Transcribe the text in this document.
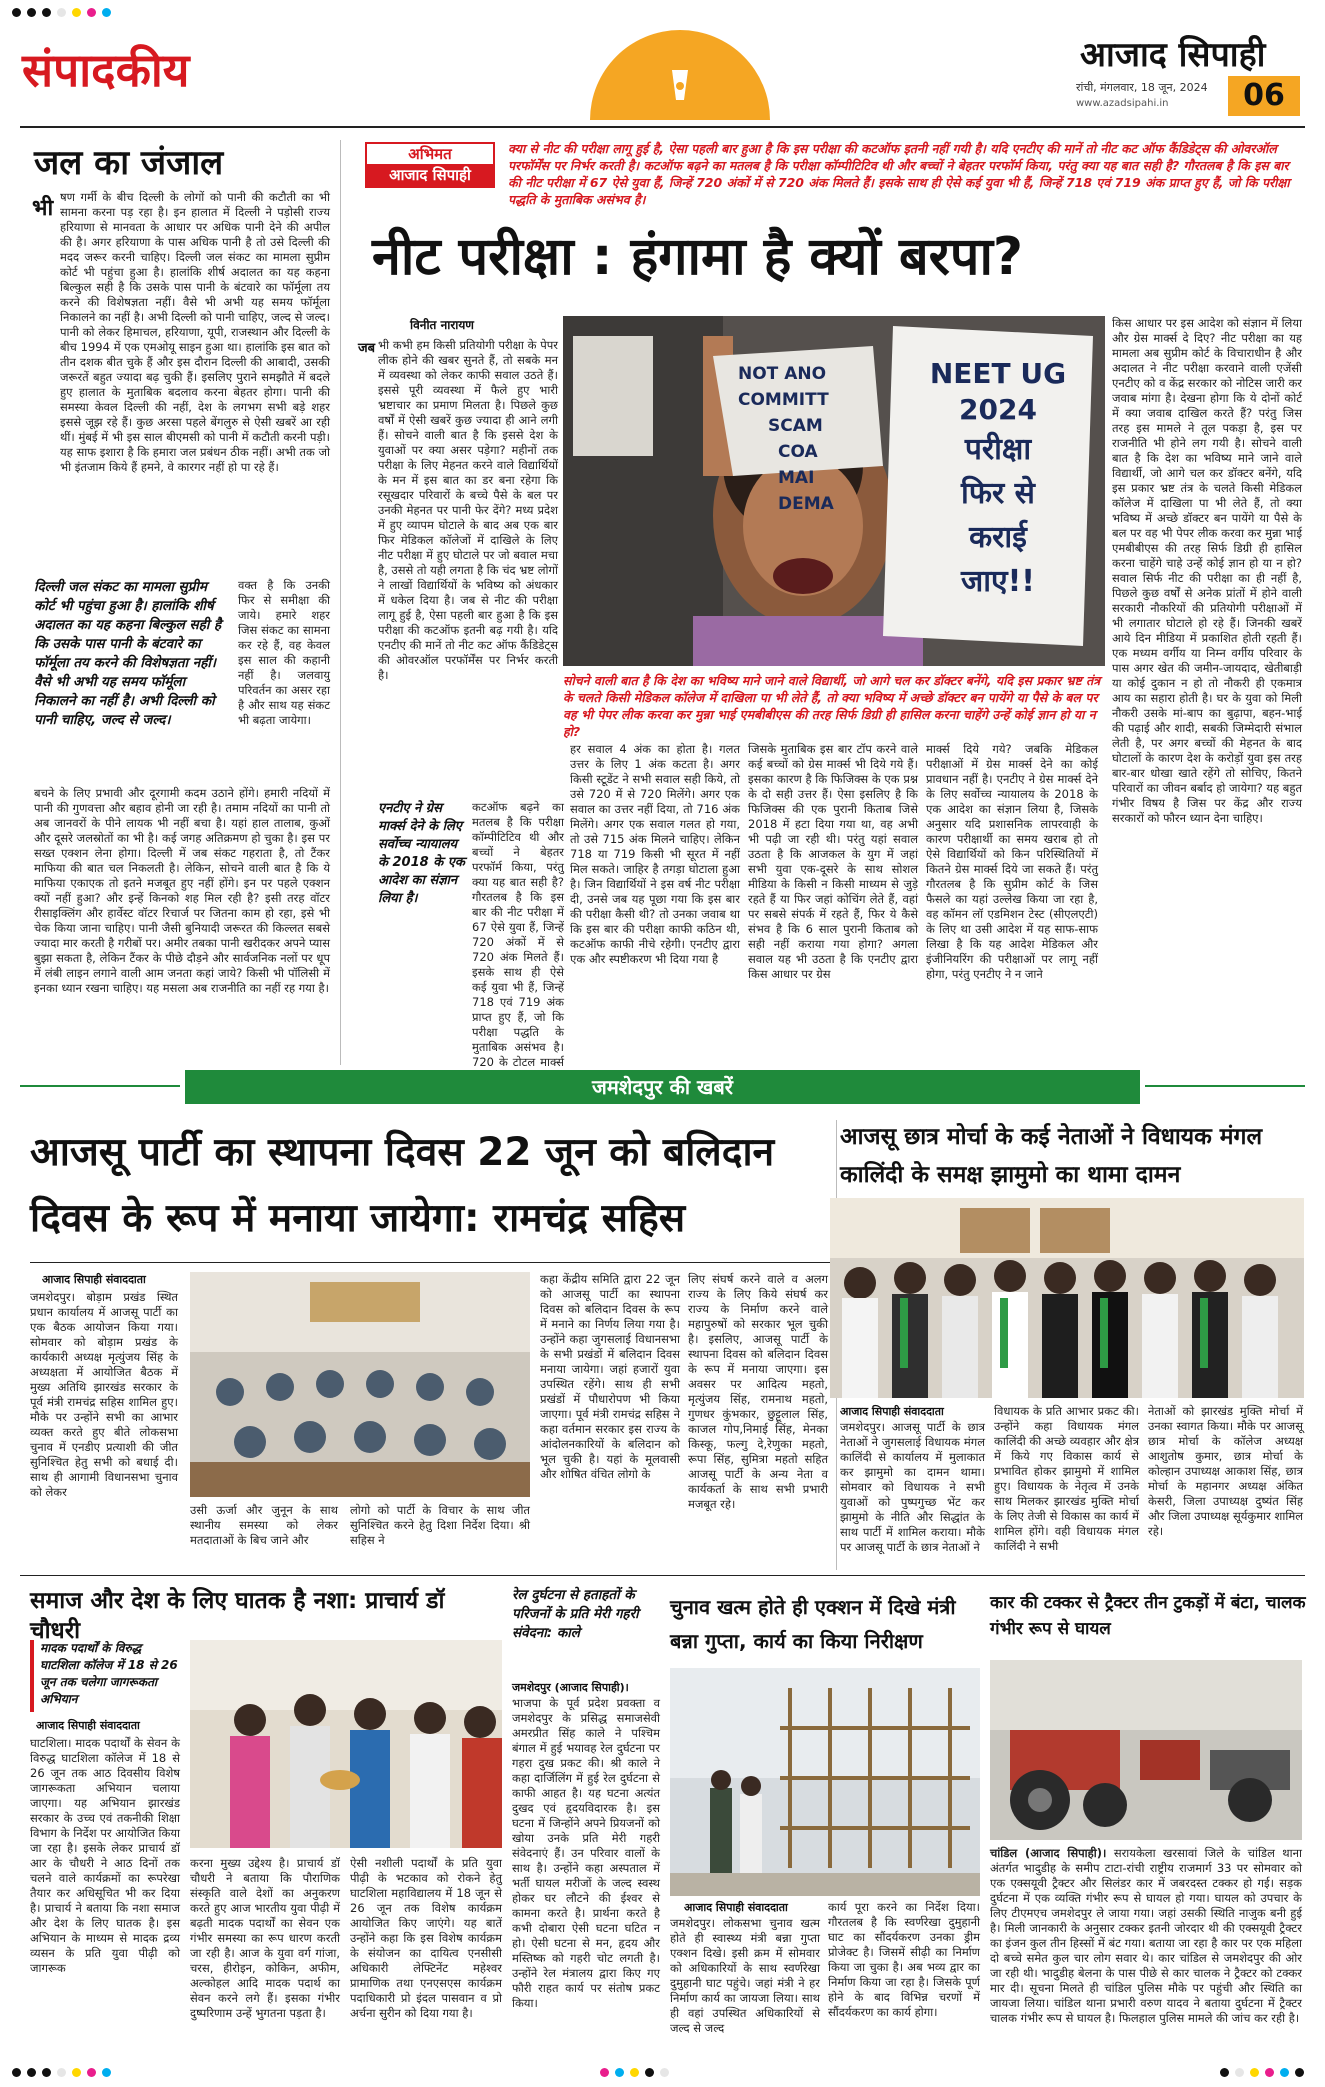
संपादकीय	आजाद सिपाही
रांची, मंगलवार, 18 जून, 2024
www.azadsipahi.in	06
जल का जंजाल
भी षण गर्मी के बीच दिल्ली के लोगों को पानी की कटौती का भी सामना करना पड़ रहा है। इन हालात में दिल्ली ने पड़ोसी राज्य हरियाणा से मानवता के आधार पर अधिक पानी देने की अपील की है। अगर हरियाणा के पास अधिक पानी है तो उसे दिल्ली की मदद जरूर करनी चाहिए। दिल्ली जल संकट का मामला सुप्रीम कोर्ट भी पहुंचा हुआ है। हालांकि शीर्ष अदालत का यह कहना बिल्कुल सही है कि उसके पास पानी के बंटवारे का फॉर्मूला तय करने की विशेषज्ञता नहीं। वैसे भी अभी यह समय फॉर्मूला निकालने का नहीं है। अभी दिल्ली को पानी चाहिए, जल्द से जल्द। पानी को लेकर हिमाचल, हरियाणा, यूपी, राजस्थान और दिल्ली के बीच 1994 में एक एमओयू साइन हुआ था। हालांकि इस बात को तीन दशक बीत चुके हैं और इस दौरान दिल्ली की आबादी, उसकी जरूरतें बहुत ज्यादा बढ़ चुकी हैं। इसलिए पुराने समझौते में बदले हुए हालात के मुताबिक बदलाव करना बेहतर होगा। पानी की समस्या केवल दिल्ली की नहीं, देश के लगभग सभी बड़े शहर इससे जूझ रहे हैं। कुछ अरसा पहले बेंगलुरु से ऐसी खबरें आ रही थीं। मुंबई में भी इस साल बीएमसी को पानी में कटौती करनी पड़ी। यह साफ इशारा है कि हमारा जल प्रबंधन ठीक नहीं। अभी तक जो भी इंतजाम किये हैं हमने, वे कारगर नहीं हो पा रहे हैं।
दिल्ली जल संकट का मामला सुप्रीम कोर्ट भी पहुंचा हुआ है। हालांकि शीर्ष अदालत का यह कहना बिल्कुल सही है कि उसके पास पानी के बंटवारे का फॉर्मूला तय करने की विशेषज्ञता नहीं। वैसे भी अभी यह समय फॉर्मूला निकालने का नहीं है। अभी दिल्ली को पानी चाहिए, जल्द से जल्द।
वक्त है कि उनकी फिर से समीक्षा की जाये। हमारे शहर जिस संकट का सामना कर रहे हैं, वह केवल इस साल की कहानी नहीं है। जलवायु परिवर्तन का असर रहा है और साथ यह संकट भी बढ़ता जायेगा।
बचने के लिए प्रभावी और दूरगामी कदम उठाने होंगे। हमारी नदियों में पानी की गुणवत्ता और बहाव होनी जा रही है। तमाम नदियों का पानी तो अब जानवरों के पीने लायक भी नहीं बचा है। यहां हाल तालाब, कुओं और दूसरे जलस्रोतों का भी है। कई जगह अतिक्रमण हो चुका है। इस पर सख्त एक्शन लेना होगा। दिल्ली में जब संकट गहराता है, तो टैंकर माफिया की बात चल निकलती है। लेकिन, सोचने वाली बात है कि ये माफिया एकाएक तो इतने मजबूत हुए नहीं होंगे। इन पर पहले एक्शन क्यों नहीं हुआ? और इन्हें किनको शह मिल रही है? इसी तरह वॉटर रीसाइक्लिंग और हार्वेस्ट वॉटर रिचार्ज पर जितना काम हो रहा, इसे भी चेक किया जाना चाहिए। पानी जैसी बुनियादी जरूरत की किल्लत सबसे ज्यादा मार करती है गरीबों पर। अमीर तबका पानी खरीदकर अपने प्यास बुझा सकता है, लेकिन टैंकर के पीछे दौड़ने और सार्वजनिक नलों पर धूप में लंबी लाइन लगाने वाली आम जनता कहां जाये? किसी भी पॉलिसी में इनका ध्यान रखना चाहिए। यह मसला अब राजनीति का नहीं रह गया है।
अभिमत
आजाद सिपाही
क्या से नीट की परीक्षा लागू हुई है, ऐसा पहली बार हुआ है कि इस परीक्षा की कटऑफ इतनी नहीं गयी है। यदि एनटीए की मानें तो नीट कट ऑफ कैंडिडेट्स की ओवरऑल परफॉर्मेंस पर निर्भर करती है। कटऑफ बढ़ने का मतलब है कि परीक्षा कॉम्पीटिटिव थी और बच्चों ने बेहतर परफॉर्म किया, परंतु क्या यह बात सही है? गौरतलब है कि इस बार की नीट परीक्षा में 67 ऐसे युवा हैं, जिन्हें 720 अंकों में से 720 अंक मिलते हैं। इसके साथ ही ऐसे कई युवा भी हैं, जिन्हें 718 एवं 719 अंक प्राप्त हुए हैं, जो कि परीक्षा पद्धति के मुताबिक असंभव है।
नीट परीक्षा : हंगामा है क्यों बरपा?
विनीत नारायण
जब भी कभी हम किसी प्रतियोगी परीक्षा के पेपर लीक होने की खबर सुनते हैं, तो सबके मन में व्यवस्था को लेकर काफी सवाल उठते हैं। इससे पूरी व्यवस्था में फैले हुए भारी भ्रष्टाचार का प्रमाण मिलता है। पिछले कुछ वर्षों में ऐसी खबरें कुछ ज्यादा ही आने लगी हैं। सोचने वाली बात है कि इससे देश के युवाओं पर क्या असर पड़ेगा? महीनों तक परीक्षा के लिए मेहनत करने वाले विद्यार्थियों के मन में इस बात का डर बना रहेगा कि रसूखदार परिवारों के बच्चे पैसे के बल पर उनकी मेहनत पर पानी फेर देंगे? मध्य प्रदेश में हुए व्यापम घोटाले के बाद अब एक बार फिर मेडिकल कॉलेजों में दाखिले के लिए नीट परीक्षा में हुए घोटाले पर जो बवाल मचा है, उससे तो यही लगता है कि चंद भ्रष्ट लोगों ने लाखों विद्यार्थियों के भविष्य को अंधकार में धकेल दिया है। जब से नीट की परीक्षा लागू हुई है, ऐसा पहली बार हुआ है कि इस परीक्षा की कटऑफ इतनी बढ़ गयी है। यदि एनटीए की मानें तो नीट कट ऑफ कैंडिडेट्स की ओवरऑल परफॉर्मेंस पर निर्भर करती है।
NOT ANO
COMMITT
SCAM
COA
MAI
DEMA
NEET UG
2024
परीक्षा
फिर से
कराई
जाए!!
सोचने वाली बात है कि देश का भविष्य माने जाने वाले विद्यार्थी, जो आगे चल कर डॉक्टर बनेंगे, यदि इस प्रकार भ्रष्ट तंत्र के चलते किसी मेडिकल कॉलेज में दाखिला पा भी लेते हैं, तो क्या भविष्य में अच्छे डॉक्टर बन पायेंगे या पैसे के बल पर वह भी पेपर लीक करवा कर मुन्ना भाई एमबीबीएस की तरह सिर्फ डिग्री ही हासिल करना चाहेंगे उन्हें कोई ज्ञान हो या न हो?
एनटीए ने ग्रेस मार्क्स देने के लिए सर्वोच्च न्यायालय के 2018 के एक आदेश का संज्ञान लिया है।
कटऑफ बढ़ने का मतलब है कि परीक्षा कॉम्पीटिटिव थी और बच्चों ने बेहतर परफॉर्म किया, परंतु क्या यह बात सही है? गौरतलब है कि इस बार की नीट परीक्षा में 67 ऐसे युवा हैं, जिन्हें 720 अंकों में से 720 अंक मिलते हैं। इसके साथ ही ऐसे कई युवा भी हैं, जिन्हें 718 एवं 719 अंक प्राप्त हुए हैं, जो कि परीक्षा पद्धति के मुताबिक असंभव है। 720 के टोटल मार्क्स
हर सवाल 4 अंक का होता है। गलत उत्तर के लिए 1 अंक कटता है। अगर किसी स्टूडेंट ने सभी सवाल सही किये, तो उसे 720 में से 720 मिलेंगे। अगर एक सवाल का उत्तर नहीं दिया, तो 716 अंक मिलेंगे। अगर एक सवाल गलत हो गया, तो उसे 715 अंक मिलने चाहिए। लेकिन 718 या 719 किसी भी सूरत में नहीं मिल सकते। जाहिर है तगड़ा घोटाला हुआ है। जिन विद्यार्थियों ने इस वर्ष नीट परीक्षा दी, उनसे जब यह पूछा गया कि इस बार की परीक्षा कैसी थी? तो उनका जवाब था कि इस बार की परीक्षा काफी कठिन थी, कटऑफ काफी नीचे रहेगी। एनटीए द्वारा एक और स्पष्टीकरण भी दिया गया है
जिसके मुताबिक इस बार टॉप करने वाले कई बच्चों को ग्रेस मार्क्स भी दिये गये हैं। इसका कारण है कि फिजिक्स के एक प्रश्न के दो सही उत्तर हैं। ऐसा इसलिए है कि फिजिक्स की एक पुरानी किताब जिसे 2018 में हटा दिया गया था, वह अभी भी पढ़ी जा रही थी। परंतु यहां सवाल उठता है कि आजकल के युग में जहां सभी युवा एक-दूसरे के साथ सोशल मीडिया के किसी न किसी माध्यम से जुड़े रहते हैं या फिर जहां कोचिंग लेते हैं, वहां पर सबसे संपर्क में रहते हैं, फिर ये कैसे संभव है कि 6 साल पुरानी किताब को सही नहीं कराया गया होगा? अगला सवाल यह भी उठता है कि एनटीए द्वारा किस आधार पर ग्रेस
मार्क्स दिये गये? जबकि मेडिकल परीक्षाओं में ग्रेस मार्क्स देने का कोई प्रावधान नहीं है। एनटीए ने ग्रेस मार्क्स देने के लिए सर्वोच्च न्यायालय के 2018 के एक आदेश का संज्ञान लिया है, जिसके अनुसार यदि प्रशासनिक लापरवाही के कारण परीक्षार्थी का समय खराब हो तो ऐसे विद्यार्थियों को किन परिस्थितियों में कितने ग्रेस मार्क्स दिये जा सकते हैं। परंतु गौरतलब है कि सुप्रीम कोर्ट के जिस फैसले का यहां उल्लेख किया जा रहा है, वह कॉमन लॉ एडमिशन टेस्ट (सीएलएटी) के लिए था उसी आदेश में यह साफ-साफ लिखा है कि यह आदेश मेडिकल और इंजीनियरिंग की परीक्षाओं पर लागू नहीं होगा, परंतु एनटीए ने न जाने
किस आधार पर इस आदेश को संज्ञान में लिया और ग्रेस मार्क्स दे दिए? नीट परीक्षा का यह मामला अब सुप्रीम कोर्ट के विचाराधीन है और अदालत ने नीट परीक्षा करवाने वाली एजेंसी एनटीए को व केंद्र सरकार को नोटिस जारी कर जवाब मांगा है। देखना होगा कि ये दोनों कोर्ट में क्या जवाब दाखिल करते हैं? परंतु जिस तरह इस मामले ने तूल पकड़ा है, इस पर राजनीति भी होने लग गयी है। सोचने वाली बात है कि देश का भविष्य माने जाने वाले विद्यार्थी, जो आगे चल कर डॉक्टर बनेंगे, यदि इस प्रकार भ्रष्ट तंत्र के चलते किसी मेडिकल कॉलेज में दाखिला पा भी लेते हैं, तो क्या भविष्य में अच्छे डॉक्टर बन पायेंगे या पैसे के बल पर वह भी पेपर लीक करवा कर मुन्ना भाई एमबीबीएस की तरह सिर्फ डिग्री ही हासिल करना चाहेंगे चाहे उन्हें कोई ज्ञान हो या न हो? सवाल सिर्फ नीट की परीक्षा का ही नहीं है, पिछले कुछ वर्षों से अनेक प्रांतों में होने वाली सरकारी नौकरियों की प्रतियोगी परीक्षाओं में भी लगातार घोटाले हो रहे हैं। जिनकी खबरें आये दिन मीडिया में प्रकाशित होती रहती हैं। एक मध्यम वर्गीय या निम्न वर्गीय परिवार के पास अगर खेत की जमीन-जायदाद, खेतीबाड़ी या कोई दुकान न हो तो नौकरी ही एकमात्र आय का सहारा होती है। घर के युवा को मिली नौकरी उसके मां-बाप का बुढ़ापा, बहन-भाई की पढ़ाई और शादी, सबकी जिम्मेदारी संभाल लेती है, पर अगर बच्चों की मेहनत के बाद घोटालों के कारण देश के करोड़ों युवा इस तरह बार-बार धोखा खाते रहेंगे तो सोचिए, कितने परिवारों का जीवन बर्बाद हो जायेगा? यह बहुत गंभीर विषय है जिस पर केंद्र और राज्य सरकारों को फौरन ध्यान देना चाहिए।
जमशेदपुर की खबरें
आजसू पार्टी का स्थापना दिवस 22 जून को बलिदान दिवस के रूप में मनाया जायेगा: रामचंद्र सहिस
आजाद सिपाही संवाददाता
जमशेदपुर। बोड़ाम प्रखंड स्थित प्रधान कार्यालय में आजसू पार्टी का एक बैठक आयोजन किया गया। सोमवार को बोड़ाम प्रखंड के कार्यकारी अध्यक्ष मृत्युंजय सिंह के अध्यक्षता में आयोजित बैठक में मुख्य अतिथि झारखंड सरकार के पूर्व मंत्री रामचंद्र सहिस शामिल हुए। मौके पर उन्होंने सभी का आभार व्यक्त करते हुए बीते लोकसभा चुनाव में एनडीए प्रत्याशी की जीत सुनिश्चित हेतु सभी को बधाई दी। साथ ही आगामी विधानसभा चुनाव को लेकर
उसी ऊर्जा और जुनून के साथ स्थानीय समस्या को लेकर मतदाताओं के बिच जाने और
लोगो को पार्टी के विचार के साथ जीत सुनिश्चित करने हेतु दिशा निर्देश दिया। श्री सहिस ने
कहा केंद्रीय समिति द्वारा 22 जून को आजसू पार्टी का स्थापना दिवस को बलिदान दिवस के रूप में मनाने का निर्णय लिया गया है। उन्होंने कहा जुगसलाई विधानसभा के सभी प्रखंडों में बलिदान दिवस मनाया जायेगा। जहां हजारों युवा उपस्थित रहेंगे। साथ ही सभी प्रखंडों में पौधारोपण भी किया जाएगा। पूर्व मंत्री रामचंद्र सहिस ने कहा वर्तमान सरकार इस राज्य के आंदोलनकारियों के बलिदान को भूल चुकी है। यहां के मूलवासी और शोषित वंचित लोगो के
लिए संघर्ष करने वाले व अलग राज्य के लिए किये संघर्ष कर राज्य के निर्माण करने वाले महापुरुषों को सरकार भूल चुकी है। इसलिए, आजसू पार्टी के स्थापना दिवस को बलिदान दिवस के रूप में मनाया जाएगा। इस अवसर पर आदित्य महतो, मृत्युंजय सिंह, रामनाथ महतो, गुणधर कुंभकार, छुट्टूलाल सिंह, काजल गोप,निमाई सिंह, मेनका किस्कू, फल्गु दे,रेणुका महतो, रूपा सिंह, सुमित्रा महतो सहित आजसू पार्टी के अन्य नेता व कार्यकर्ता के साथ सभी प्रभारी मजबूत रहे।
आजसू छात्र मोर्चा के कई नेताओं ने विधायक मंगल कालिंदी के समक्ष झामुमो का थामा दामन
आजाद सिपाही संवाददाता
जमशेदपुर। आजसू पार्टी के छात्र नेताओं ने जुगसलाई विधायक मंगल कालिंदी से कार्यालय में मुलाकात कर झामुमो का दामन थामा। सोमवार को विधायक ने सभी युवाओं को पुष्पगुच्छ भेंट कर झामुमो के नीति और सिद्धांत के साथ पार्टी में शामिल कराया। मौके पर आजसू पार्टी के छात्र नेताओं ने
विधायक के प्रति आभार प्रकट की। उन्होंने कहा विधायक मंगल कालिंदी की अच्छे व्यवहार और क्षेत्र में किये गए विकास कार्य से प्रभावित होकर झामुमो में शामिल हुए। विधायक के नेतृत्व में उनके साथ मिलकर झारखंड मुक्ति मोर्चा के लिए तेजी से विकास का कार्य में शामिल होंगे। वही विधायक मंगल कालिंदी ने सभी
नेताओं को झारखंड मुक्ति मोर्चा में उनका स्वागत किया। मौके पर आजसू छात्र मोर्चा के कॉलेज अध्यक्ष आशुतोष कुमार, छात्र मोर्चा के कोल्हान उपाध्यक्ष आकाश सिंह, छात्र मोर्चा के महानगर अध्यक्ष अंकित केसरी, जिला उपाध्यक्ष दुष्यंत सिंह और जिला उपाध्यक्ष सूर्यकुमार शामिल रहे।
समाज और देश के लिए घातक है नशा: प्राचार्य डॉ चौधरी
मादक पदार्थों के विरुद्ध घाटशिला कॉलेज में 18 से 26 जून तक चलेगा जागरूकता अभियान
आजाद सिपाही संवाददाता
घाटशिला। मादक पदार्थों के सेवन के विरुद्ध घाटशिला कॉलेज में 18 से 26 जून तक आठ दिवसीय विशेष जागरूकता अभियान चलाया जाएगा। यह अभियान झारखंड सरकार के उच्च एवं तकनीकी शिक्षा विभाग के निर्देश पर आयोजित किया जा रहा है। इसके लेकर प्राचार्य डॉ आर के चौधरी ने आठ दिनों तक चलने वाले कार्यक्रमों का रूपरेखा तैयार कर अधिसूचित भी कर दिया है। प्राचार्य ने बताया कि नशा समाज और देश के लिए घातक है। इस अभियान के माध्यम से मादक द्रव्य व्यसन के प्रति युवा पीढ़ी को जागरूक
करना मुख्य उद्देश्य है। प्राचार्य डॉ चौधरी ने बताया कि पौराणिक संस्कृति वाले देशों का अनुकरण करते हुए आज भारतीय युवा पीढ़ी में बढ़ती मादक पदार्थों का सेवन एक गंभीर समस्या का रूप धारण करती जा रही है। आज के युवा वर्ग गांजा, चरस, हीरोइन, कोकिन, अफीम, अल्कोहल आदि मादक पदार्थ का सेवन करने लगे हैं। इसका गंभीर दुष्परिणाम उन्हें भुगतना पड़ता है।
ऐसी नशीली पदार्थों के प्रति युवा पीढ़ी के भटकाव को रोकने हेतु घाटशिला महाविद्यालय में 18 जून से 26 जून तक विशेष कार्यक्रम आयोजित किए जाएंगे। यह बातें उन्होंने कहा कि इस विशेष कार्यक्रम के संयोजन का दायित्व एनसीसी अधिकारी लेफ्टिनेंट महेश्वर प्रामाणिक तथा एनएसएस कार्यक्रम पदाधिकारी प्रो इंदल पासवान व प्रो अर्चना सुरीन को दिया गया है।
रेल दुर्घटना से हताहतों के परिजनों के प्रति मेरी गहरी संवेदना: काले
जमशेदपुर (आजाद सिपाही)।
भाजपा के पूर्व प्रदेश प्रवक्ता व जमशेदपुर के प्रसिद्ध समाजसेवी अमरप्रीत सिंह काले ने पश्चिम बंगाल में हुई भयावह रेल दुर्घटना पर गहरा दुख प्रकट की। श्री काले ने कहा दार्जिलिंग में हुई रेल दुर्घटना से काफी आहत है। यह घटना अत्यंत दुखद एवं हृदयविदारक है। इस घटना में जिन्होंने अपने प्रियजनों को खोया उनके प्रति मेरी गहरी संवेदनाएं हैं। उन परिवार वालों के साथ है। उन्होंने कहा अस्पताल में भर्ती घायल मरीजों के जल्द स्वस्थ होकर घर लौटने की ईश्वर से कामना करते है। प्रार्थना करते है कभी दोबारा ऐसी घटना घटित न हो। ऐसी घटना से मन, हृदय और मस्तिष्क को गहरी चोट लगती है। उन्होंने रेल मंत्रालय द्वारा किए गए फौरी राहत कार्य पर संतोष प्रकट किया।
चुनाव खत्म होते ही एक्शन में दिखे मंत्री बन्ना गुप्ता, कार्य का किया निरीक्षण
आजाद सिपाही संवाददाता
जमशेदपुर। लोकसभा चुनाव खत्म होते ही स्वास्थ्य मंत्री बन्ना गुप्ता एक्शन दिखे। इसी क्रम में सोमवार को अधिकारियों के साथ स्वर्णरेखा दुमुहानी घाट पहुंचे। जहां मंत्री ने हर निर्माण कार्य का जायजा लिया। साथ ही वहां उपस्थित अधिकारियों से जल्द से जल्द
कार्य पूरा करने का निर्देश दिया।गौरतलब है कि स्वर्णरेखा दुमुहानी घाट का सौंदर्यकरण उनका ड्रीम प्रोजेक्ट है। जिसमें सीढ़ी का निर्माण किया जा चुका है। अब भव्य द्वार का निर्माण किया जा रहा है। जिसके पूर्ण होने के बाद विभिन्न चरणों में सौंदर्यकरण का कार्य होगा।
कार की टक्कर से ट्रैक्टर तीन टुकड़ों में बंटा, चालक गंभीर रूप से घायल
चांडिल (आजाद सिपाही)। सरायकेला खरसावां जिले के चांडिल थाना अंतर्गत भादुडीह के समीप टाटा-रांची राष्ट्रीय राजमार्ग 33 पर सोमवार को एक एक्सयूवी ट्रैक्टर और सिलंडर कार में जबरदस्त टक्कर हो गई। सड़क दुर्घटना में एक व्यक्ति गंभीर रूप से घायल हो गया। घायल को उपचार के लिए टीएमएच जमशेदपुर ले जाया गया। जहां उसकी स्थिति नाजुक बनी हुई है। मिली जानकारी के अनुसार टक्कर इतनी जोरदार थी की एक्सयूवी ट्रैक्टर का इंजन कुल तीन हिस्सों में बंट गया। बताया जा रहा है कार पर एक महिला दो बच्चे समेत कुल चार लोग सवार थे। कार चांडिल से जमशेदपुर की ओर जा रही थी। भादुडीह बेलना के पास पीछे से कार चालक ने ट्रैक्टर को टक्कर मार दी। सूचना मिलते ही चांडिल पुलिस मौके पर पहुंची और स्थिति का जायजा लिया। चांडिल थाना प्रभारी वरुण यादव ने बताया दुर्घटना में ट्रैक्टर चालक गंभीर रूप से घायल है। फिलहाल पुलिस मामले की जांच कर रही है।
